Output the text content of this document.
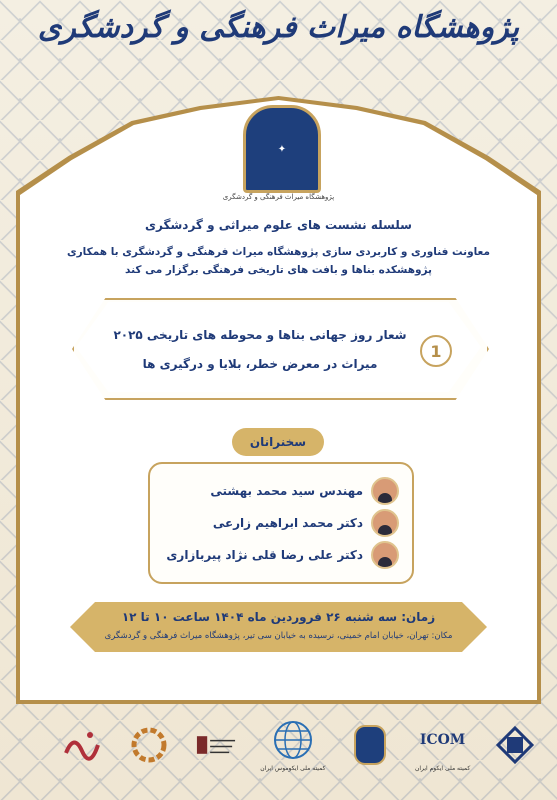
پژوهشگاه میراث فرهنگی و گردشگری
✦
پژوهشگاه میراث فرهنگی و گردشگری
سلسله نشست های علوم میراثی و گردشگری
معاونت فناوری و کاربردی سازی پژوهشگاه میراث فرهنگی و گردشگری با همکاری
پژوهشکده بناها و بافت های تاریخی فرهنگی برگزار می کند
1
شعار روز جهانی بناها و محوطه های تاریخی ۲۰۲۵
میراث در معرض خطر، بلایا و درگیری ها
سخنرانان
مهندس سید محمد بهشتی
دکتر محمد ابراهیم زارعی
دکتر علی رضا قلی نژاد پیربازاری
زمان: سه شنبه ۲۶ فروردین ماه ۱۴۰۴ ساعت ۱۰ تا ۱۲
مکان: تهران، خیابان امام خمینی، نرسیده به خیابان سی تیر، پژوهشگاه میراث فرهنگی و گردشگری
کمیته ملی ایکوموس ایران
ICOM
کمیته ملی ایکوم ایران
